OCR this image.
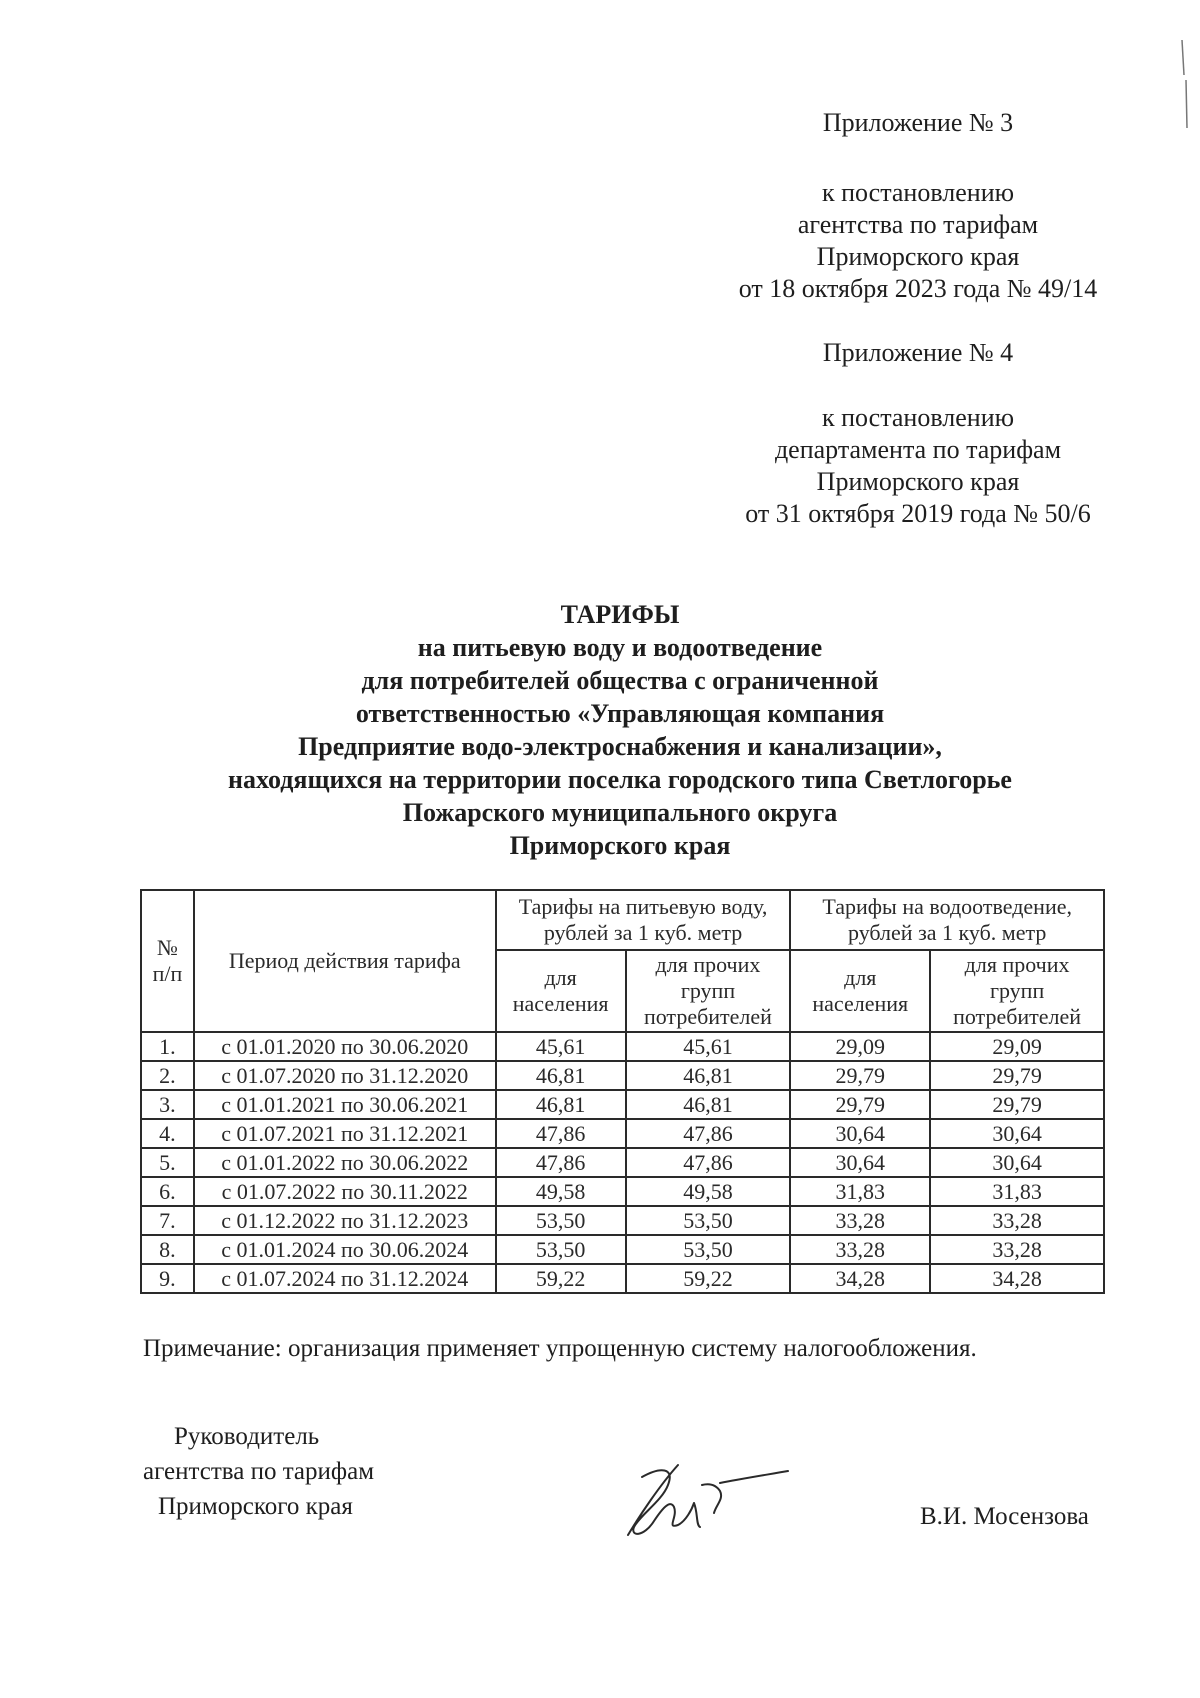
Приложение № 3
к постановлению
агентства по тарифам
Приморского края
от 18 октября 2023 года № 49/14
Приложение № 4
к постановлению
департамента по тарифам
Приморского края
от 31 октября 2019 года № 50/6
ТАРИФЫ
на питьевую воду и водоотведение
для потребителей общества с ограниченной
ответственностью «Управляющая компания
Предприятие водо-электроснабжения и канализации»,
находящихся на территории поселка городского типа Светлогорье
Пожарского муниципального округа
Приморского края
№ п/п	Период действия тарифа	Тарифы на питьевую воду, рублей за 1 куб. метр		Тарифы на водоотведение, рублей за 1 куб. метр	
		для населения	для прочих групп потребителей	для населения	для прочих групп потребителей
1.	с 01.01.2020 по 30.06.2020	45,61	45,61	29,09	29,09
2.	с 01.07.2020 по 31.12.2020	46,81	46,81	29,79	29,79
3.	с 01.01.2021 по 30.06.2021	46,81	46,81	29,79	29,79
4.	с 01.07.2021 по 31.12.2021	47,86	47,86	30,64	30,64
5.	с 01.01.2022 по 30.06.2022	47,86	47,86	30,64	30,64
6.	с 01.07.2022 по 30.11.2022	49,58	49,58	31,83	31,83
7.	с 01.12.2022 по 31.12.2023	53,50	53,50	33,28	33,28
8.	с 01.01.2024 по 30.06.2024	53,50	53,50	33,28	33,28
9.	с 01.07.2024 по 31.12.2024	59,22	59,22	34,28	34,28
Примечание: организация применяет упрощенную систему налогообложения.
Руководитель
агентства по тарифам
Приморского края	В.И. Мосензова
